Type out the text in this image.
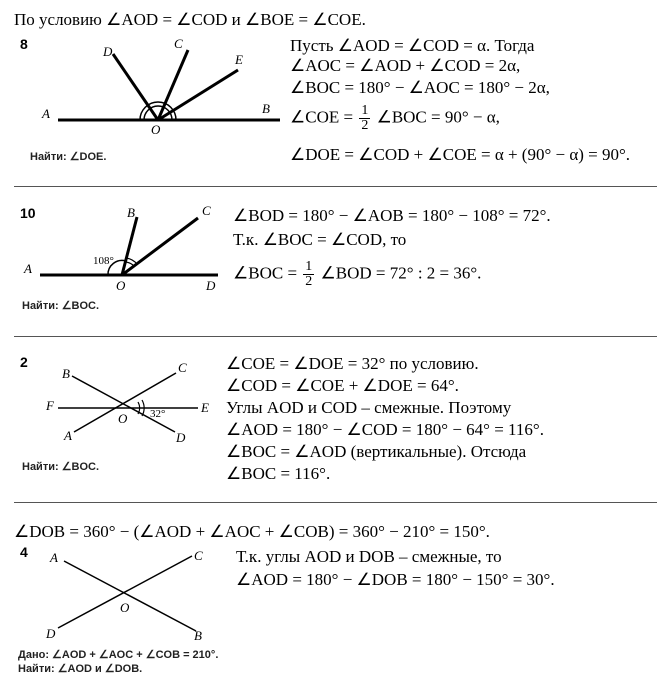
По условию ∠AOD = ∠COD и ∠BOE = ∠COE.
8
A	B
C
D
E
O
Найти: ∠DOE.
Пусть ∠AOD = ∠COD = α. Тогда
∠AOC = ∠AOD + ∠COD = 2α,
∠BOC = 180° − ∠AOC = 180° − 2α,
∠COE = $\frac{1}{2}$ ∠BOC = 90° − α,
∠DOE = ∠COD + ∠COE = α + (90° − α) = 90°.
10
A
B	C
D
O
108°
Найти: ∠BOC.
∠BOD = 180° − ∠AOB = 180° − 108° = 72°.
Т.к. ∠BOC = ∠COD, то
∠BOC = $\frac{1}{2}$ ∠BOD = 72° : 2 = 36°.
2
B	C
F	E
O
A	D
32°
Найти: ∠BOC.
∠COE = ∠DOE = 32° по условию.
∠COD = ∠COE + ∠DOE = 64°.
Углы AOD и COD – смежные. Поэтому
∠AOD = 180° − ∠COD = 180° − 64° = 116°.
∠BOC = ∠AOD (вертикальные). Отсюда
∠BOC = 116°.
∠DOB = 360° − (∠AOD + ∠AOC + ∠COB) = 360° − 210° = 150°.
4 A	C
O
D	B
Дано: ∠AOD + ∠AOC + ∠COB = 210°.
Найти: ∠AOD и ∠DOB.
Т.к. углы AOD и DOB – смежные, то
∠AOD = 180° − ∠DOB = 180° − 150° = 30°.
